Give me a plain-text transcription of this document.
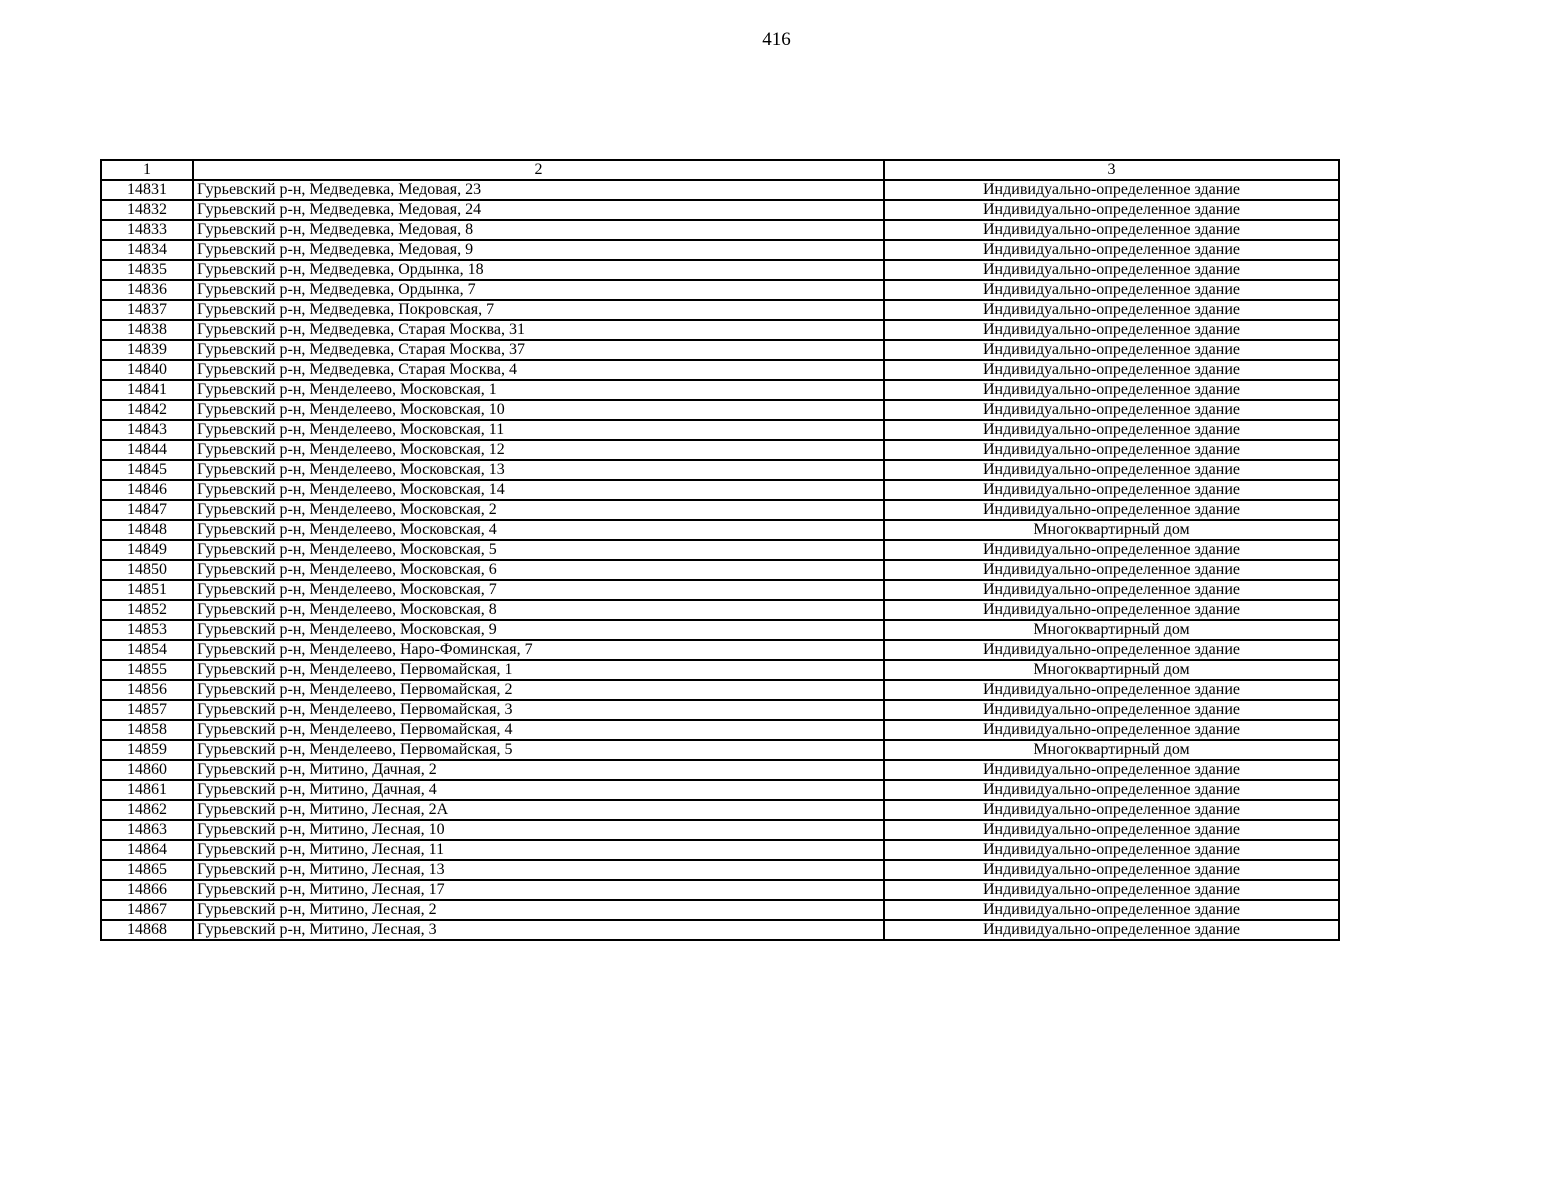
416
1	2	3
14831	Гурьевский р-н, Медведевка, Медовая, 23	Индивидуально-определенное здание
14832	Гурьевский р-н, Медведевка, Медовая, 24	Индивидуально-определенное здание
14833	Гурьевский р-н, Медведевка, Медовая, 8	Индивидуально-определенное здание
14834	Гурьевский р-н, Медведевка, Медовая, 9	Индивидуально-определенное здание
14835	Гурьевский р-н, Медведевка, Ордынка, 18	Индивидуально-определенное здание
14836	Гурьевский р-н, Медведевка, Ордынка, 7	Индивидуально-определенное здание
14837	Гурьевский р-н, Медведевка, Покровская, 7	Индивидуально-определенное здание
14838	Гурьевский р-н, Медведевка, Старая Москва, 31	Индивидуально-определенное здание
14839	Гурьевский р-н, Медведевка, Старая Москва, 37	Индивидуально-определенное здание
14840	Гурьевский р-н, Медведевка, Старая Москва, 4	Индивидуально-определенное здание
14841	Гурьевский р-н, Менделеево, Московская, 1	Индивидуально-определенное здание
14842	Гурьевский р-н, Менделеево, Московская, 10	Индивидуально-определенное здание
14843	Гурьевский р-н, Менделеево, Московская, 11	Индивидуально-определенное здание
14844	Гурьевский р-н, Менделеево, Московская, 12	Индивидуально-определенное здание
14845	Гурьевский р-н, Менделеево, Московская, 13	Индивидуально-определенное здание
14846	Гурьевский р-н, Менделеево, Московская, 14	Индивидуально-определенное здание
14847	Гурьевский р-н, Менделеево, Московская, 2	Индивидуально-определенное здание
14848	Гурьевский р-н, Менделеево, Московская, 4	Многоквартирный дом
14849	Гурьевский р-н, Менделеево, Московская, 5	Индивидуально-определенное здание
14850	Гурьевский р-н, Менделеево, Московская, 6	Индивидуально-определенное здание
14851	Гурьевский р-н, Менделеево, Московская, 7	Индивидуально-определенное здание
14852	Гурьевский р-н, Менделеево, Московская, 8	Индивидуально-определенное здание
14853	Гурьевский р-н, Менделеево, Московская, 9	Многоквартирный дом
14854	Гурьевский р-н, Менделеево, Наро-Фоминская, 7	Индивидуально-определенное здание
14855	Гурьевский р-н, Менделеево, Первомайская, 1	Многоквартирный дом
14856	Гурьевский р-н, Менделеево, Первомайская, 2	Индивидуально-определенное здание
14857	Гурьевский р-н, Менделеево, Первомайская, 3	Индивидуально-определенное здание
14858	Гурьевский р-н, Менделеево, Первомайская, 4	Индивидуально-определенное здание
14859	Гурьевский р-н, Менделеево, Первомайская, 5	Многоквартирный дом
14860	Гурьевский р-н, Митино, Дачная, 2	Индивидуально-определенное здание
14861	Гурьевский р-н, Митино, Дачная, 4	Индивидуально-определенное здание
14862	Гурьевский р-н, Митино, Лесная, 2А	Индивидуально-определенное здание
14863	Гурьевский р-н, Митино, Лесная, 10	Индивидуально-определенное здание
14864	Гурьевский р-н, Митино, Лесная, 11	Индивидуально-определенное здание
14865	Гурьевский р-н, Митино, Лесная, 13	Индивидуально-определенное здание
14866	Гурьевский р-н, Митино, Лесная, 17	Индивидуально-определенное здание
14867	Гурьевский р-н, Митино, Лесная, 2	Индивидуально-определенное здание
14868	Гурьевский р-н, Митино, Лесная, 3	Индивидуально-определенное здание
